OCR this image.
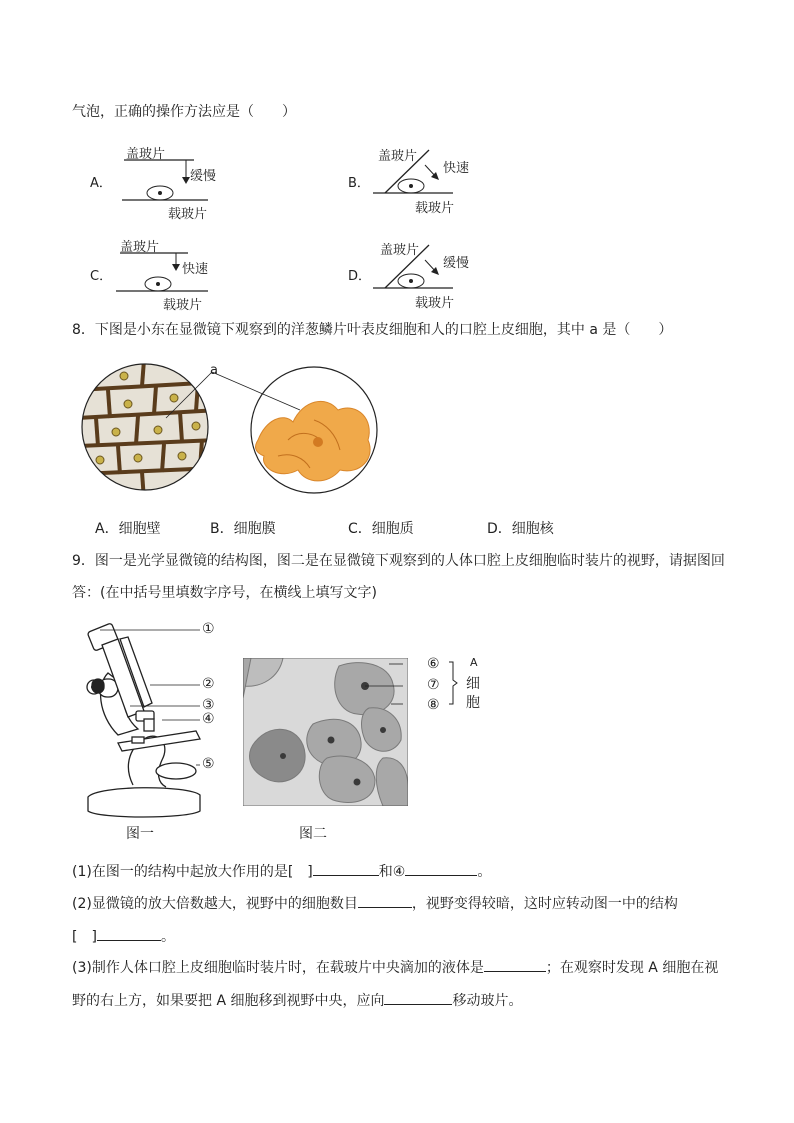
气泡，正确的操作方法应是（　　）
A．
盖玻片
缓慢
载玻片
B．
盖玻片
快速
载玻片
C．
盖玻片
快速
载玻片
D．
盖玻片
缓慢
载玻片
8．下图是小东在显微镜下观察到的洋葱鳞片叶表皮细胞和人的口腔上皮细胞，其中 a 是（　　）
a
A．细胞壁	B．细胞膜	C．细胞质	D．细胞核
9．图一是光学显微镜的结构图，图二是在显微镜下观察到的人体口腔上皮细胞临时装片的视野，请据图回
答：(在中括号里填数字序号，在横线上填写文字)
①
②
③
④
⑤
⑥
⑦
⑧
A
细
胞
图一	图二
(1)在图一的结构中起放大作用的是[　]	和④	。
(2)显微镜的放大倍数越大，视野中的细胞数目	，视野变得较暗，这时应转动图一中的结构
[　]	。
(3)制作人体口腔上皮细胞临时装片时，在载玻片中央滴加的液体是	；在观察时发现 A 细胞在视
野的右上方，如果要把 A 细胞移到视野中央，应向	移动玻片。
